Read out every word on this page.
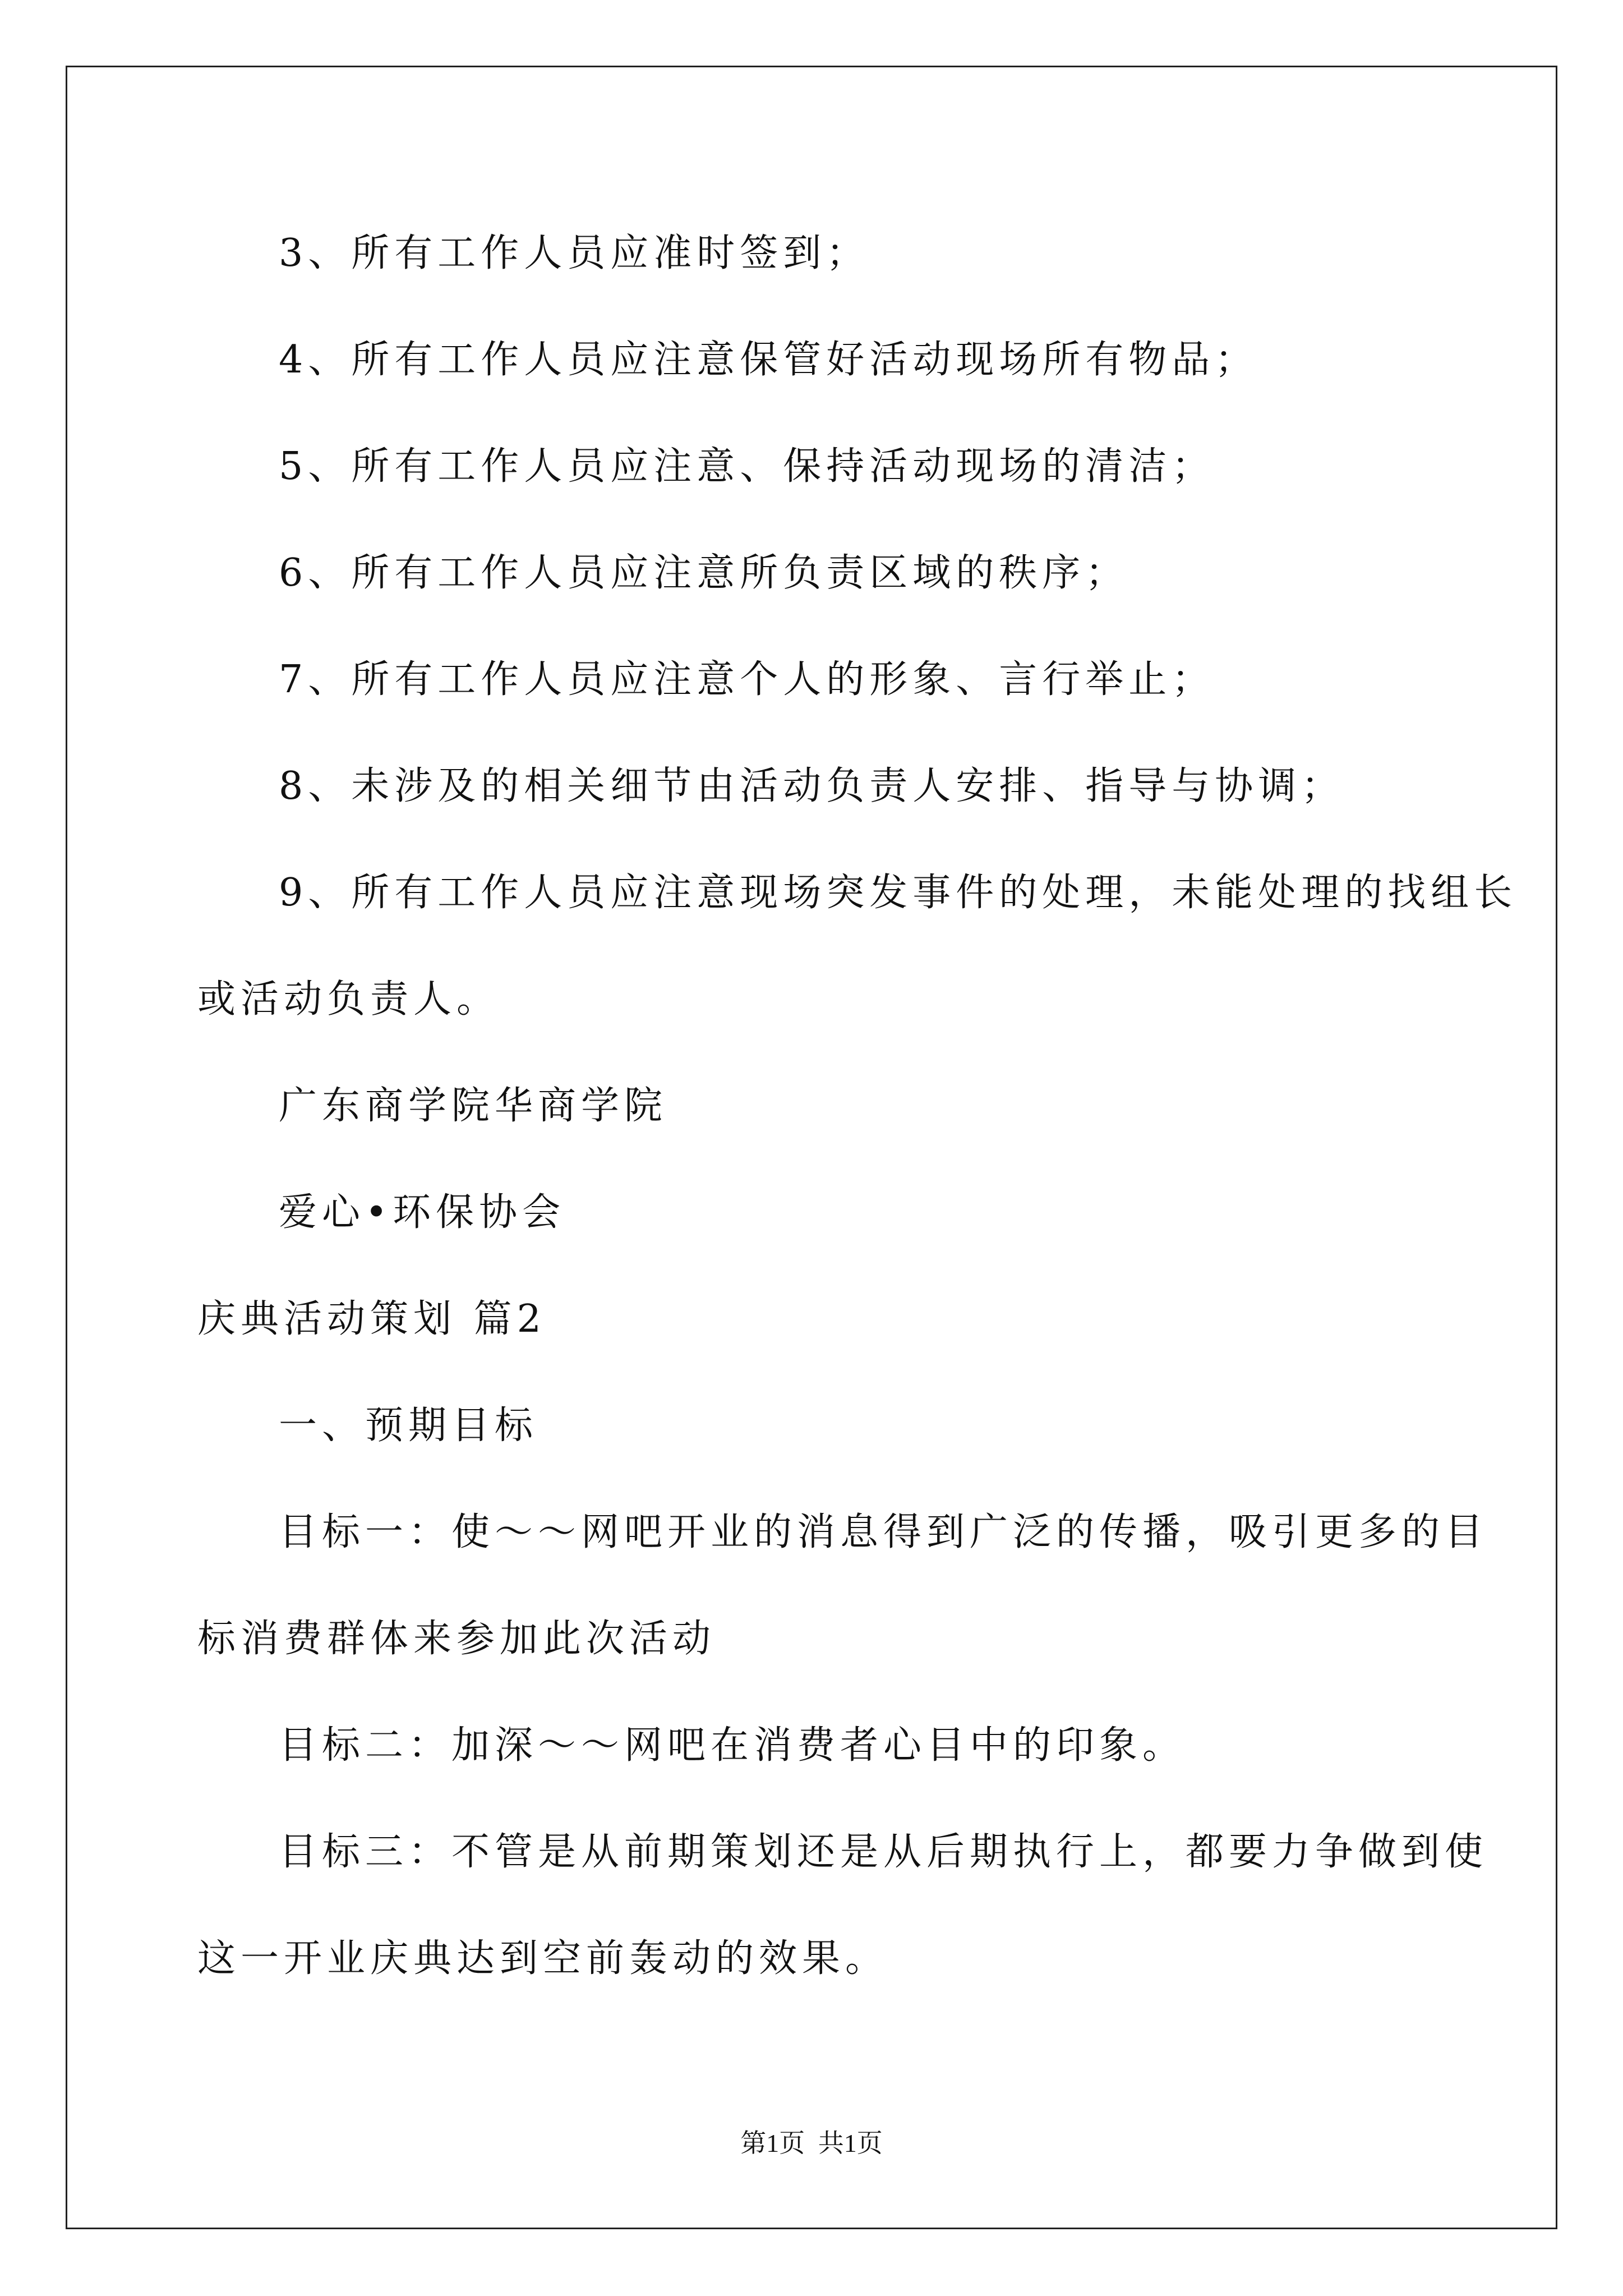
3、所有工作人员应准时签到；
4、所有工作人员应注意保管好活动现场所有物品；
5、所有工作人员应注意、保持活动现场的清洁；
6、所有工作人员应注意所负责区域的秩序；
7、所有工作人员应注意个人的形象、言行举止；
8、未涉及的相关细节由活动负责人安排、指导与协调；
9、所有工作人员应注意现场突发事件的处理，未能处理的找组长
或活动负责人。
广东商学院华商学院
爱心•环保协会
庆典活动策划 篇2
一、预期目标
目标一：使～～网吧开业的消息得到广泛的传播，吸引更多的目
标消费群体来参加此次活动
目标二：加深～～网吧在消费者心目中的印象。
目标三：不管是从前期策划还是从后期执行上，都要力争做到使
这一开业庆典达到空前轰动的效果。
第1页 共1页
